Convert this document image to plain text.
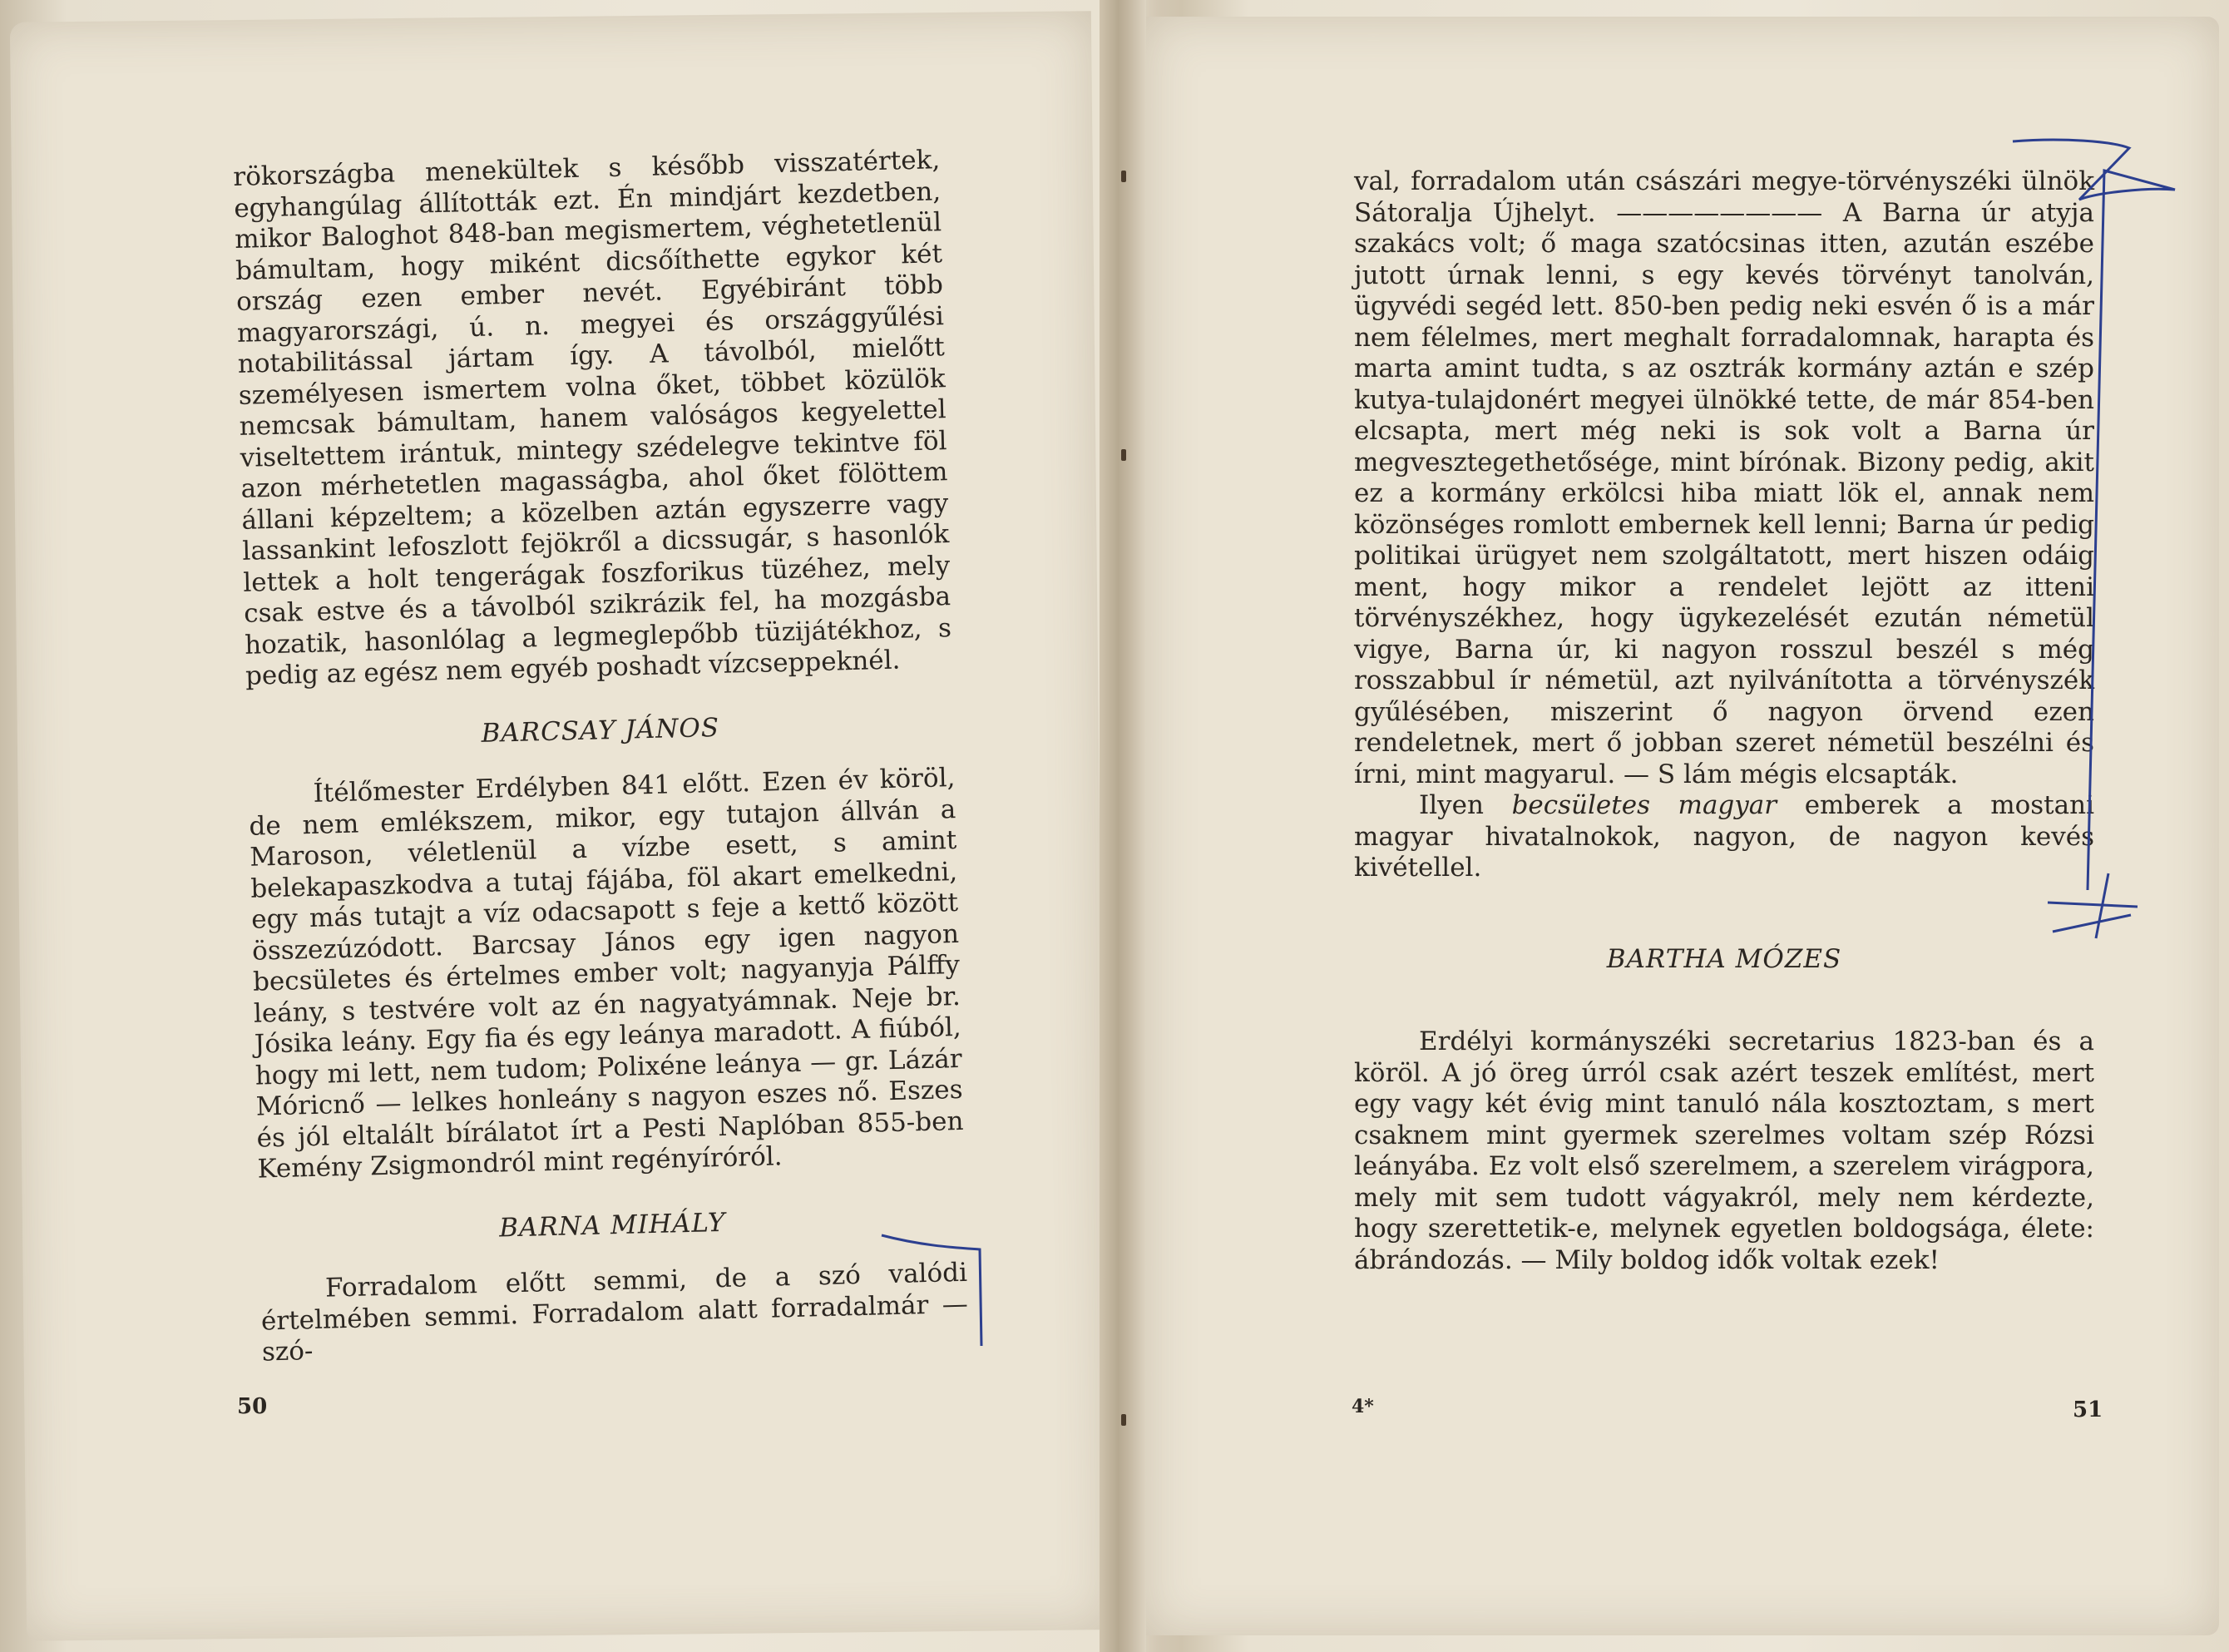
rökországba menekültek s később visszatértek, egyhangúlag állították ezt. Én mindjárt kezdetben, mikor Baloghot 848-ban megismertem, véghetetlenül bámultam, hogy miként dicsőíthette egykor két ország ezen ember nevét. Egyébiránt több magyarországi, ú. n. megyei és országgyűlési notabilitással jártam így. A távolból, mielőtt személyesen ismertem volna őket, többet közülök nemcsak bámultam, hanem valóságos kegyelettel viseltettem irántuk, mintegy szédelegve tekintve föl azon mérhetetlen magasságba, ahol őket fölöttem állani képzeltem; a közelben aztán egyszerre vagy lassankint lefoszlott fejökről a dicssugár, s hasonlók lettek a holt tengerágak foszforikus tüzéhez, mely csak estve és a távolból szikrázik fel, ha mozgásba hozatik, hasonlólag a legmeglepőbb tüzijátékhoz, s pedig az egész nem egyéb poshadt vízcseppeknél.

BARCSAY JÁNOS

Ítélőmester Erdélyben 841 előtt. Ezen év köröl, de nem emlékszem, mikor, egy tutajon állván a Maroson, véletlenül a vízbe esett, s amint belekapaszkodva a tutaj fájába, föl akart emelkedni, egy más tutajt a víz odacsapott s feje a kettő között összezúzódott. Barcsay János egy igen nagyon becsületes és értelmes ember volt; nagyanyja Pálffy leány, s testvére volt az én nagyatyámnak. Neje br. Jósika leány. Egy fia és egy leánya maradott. A fiúból, hogy mi lett, nem tudom; Polixéne leánya — gr. Lázár Móricnő — lelkes honleány s nagyon eszes nő. Eszes és jól eltalált bírálatot írt a Pesti Naplóban 855-ben Kemény Zsigmondról mint regényíróról.

BARNA MIHÁLY

Forradalom előtt semmi, de a szó valódi értelmében semmi. Forradalom alatt forradalmár — szó-

50

val, forradalom után császári megye-törvényszéki ülnök Sátoralja Újhelyt. ———————— A Barna úr atyja szakács volt; ő maga szatócsinas itten, azután eszébe jutott úrnak lenni, s egy kevés törvényt tanolván, ügyvédi segéd lett. 850-ben pedig neki esvén ő is a már nem félelmes, mert meghalt forradalomnak, harapta és marta amint tudta, s az osztrák kormány aztán e szép kutya-tulajdonért megyei ülnökké tette, de már 854-ben elcsapta, mert még neki is sok volt a Barna úr megvesztegethetősége, mint bírónak. Bizony pedig, akit ez a kormány erkölcsi hiba miatt lök el, annak nem közönséges romlott embernek kell lenni; Barna úr pedig politikai ürügyet nem szolgáltatott, mert hiszen odáig ment, hogy mikor a rendelet lejött az itteni törvényszékhez, hogy ügykezelését ezután németül vigye, Barna úr, ki nagyon rosszul beszél s még rosszabbul ír németül, azt nyilvánította a törvényszék gyűlésében, miszerint ő nagyon örvend ezen rendeletnek, mert ő jobban szeret németül beszélni és írni, mint magyarul. — S lám mégis elcsapták.

Ilyen becsületes magyar emberek a mostani magyar hivatalnokok, nagyon, de nagyon kevés kivétellel.

BARTHA MÓZES

Erdélyi kormányszéki secretarius 1823-ban és a köröl. A jó öreg úrról csak azért teszek említést, mert egy vagy két évig mint tanuló nála kosztoztam, s mert csaknem mint gyermek szerelmes voltam szép Rózsi leányába. Ez volt első szerelmem, a szerelem virágpora, mely mit sem tudott vágyakról, mely nem kérdezte, hogy szerettetik-e, melynek egyetlen boldogsága, élete: ábrándozás. — Mily boldog idők voltak ezek!

4*	51
